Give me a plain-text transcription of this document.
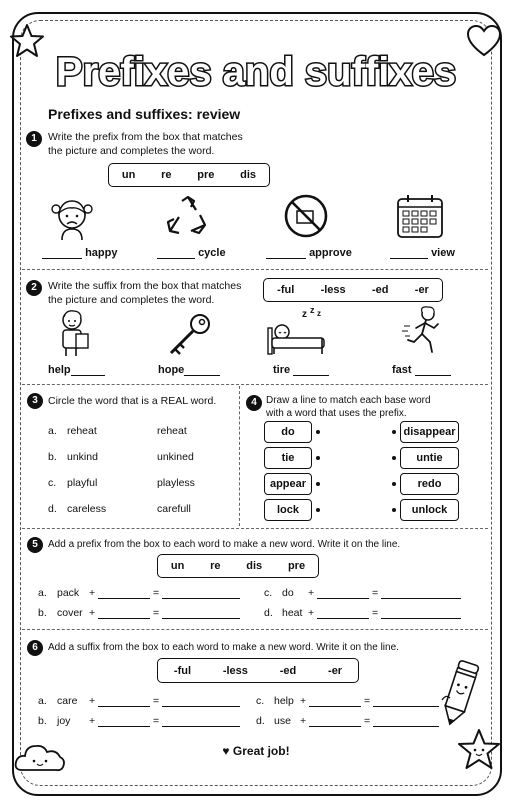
Prefixes and suffixes
Prefixes and suffixes: review
1	Write the prefix from the box that matches
the picture and completes the word.
un re pre dis
happy	cycle	approve	view
2	Write the suffix from the box that matches
the picture and completes the word.
-ful -less -ed -er
z z z
help	hope	tire	fast
3 Circle the word that is a REAL word.
a. reheat	reheat
b. unkind	unkined
c. playful	playless
d. careless	carefull
4 Draw a line to match each base word
with a word that uses the prefix.
do
tie
appear
lock
disappear
untie
redo
unlock
5	Add a prefix from the box to each word to make a new word. Write it on the line.
un re dis pre
a. pack +	=
b. cover +	=
c. do +	=
d. heat +	=
6	Add a suffix from the box to each word to make a new word. Write it on the line.
-ful	-less	-ed	-er
a. care +	=
b. joy +	=
c. help +	=
d. use +	=
♥ Great job!
